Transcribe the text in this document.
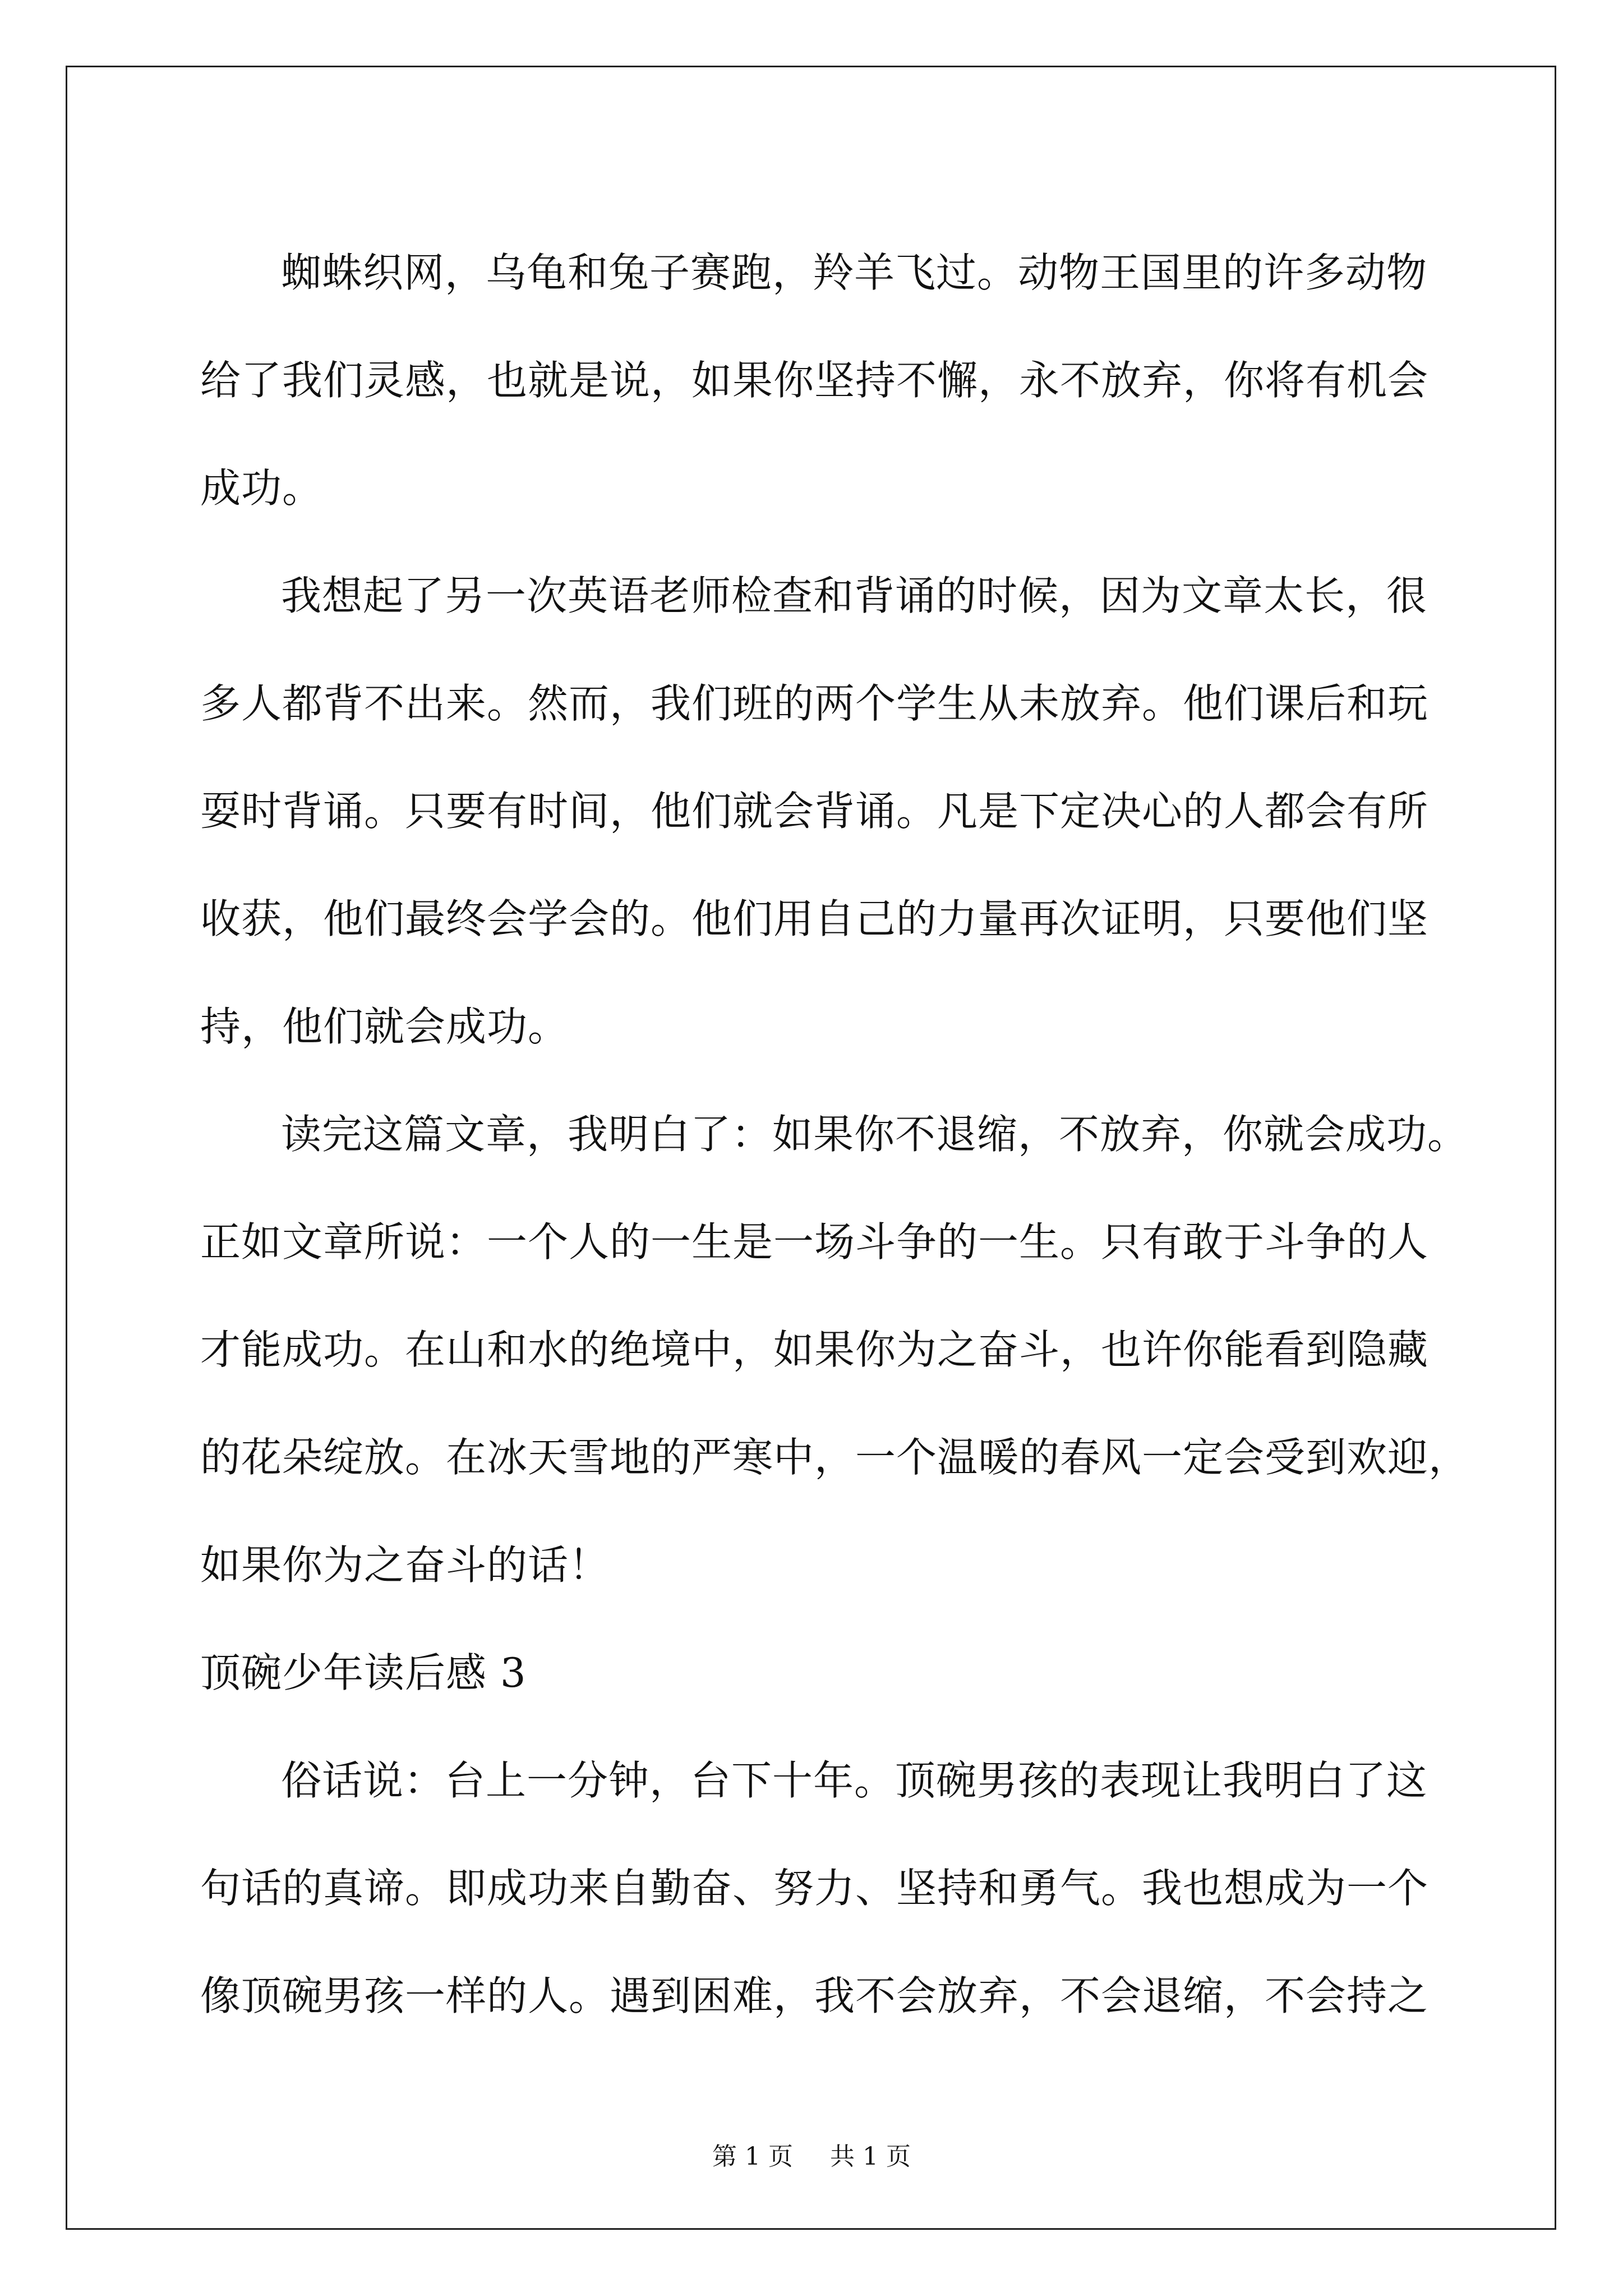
蜘蛛织网，乌龟和兔子赛跑，羚羊飞过。动物王国里的许多动物
给了我们灵感，也就是说，如果你坚持不懈，永不放弃，你将有机会
成功。
我想起了另一次英语老师检查和背诵的时候，因为文章太长，很
多人都背不出来。然而，我们班的两个学生从未放弃。他们课后和玩
耍时背诵。只要有时间，他们就会背诵。凡是下定决心的人都会有所
收获，他们最终会学会的。他们用自己的力量再次证明，只要他们坚
持，他们就会成功。
读完这篇文章，我明白了：如果你不退缩，不放弃，你就会成功。
正如文章所说：一个人的一生是一场斗争的一生。只有敢于斗争的人
才能成功。在山和水的绝境中，如果你为之奋斗，也许你能看到隐藏
的花朵绽放。在冰天雪地的严寒中，一个温暖的春风一定会受到欢迎，
如果你为之奋斗的话！
顶碗少年读后感 3
俗话说：台上一分钟，台下十年。顶碗男孩的表现让我明白了这
句话的真谛。即成功来自勤奋、努力、坚持和勇气。我也想成为一个
像顶碗男孩一样的人。遇到困难，我不会放弃，不会退缩，不会持之
第 1 页 共 1 页
